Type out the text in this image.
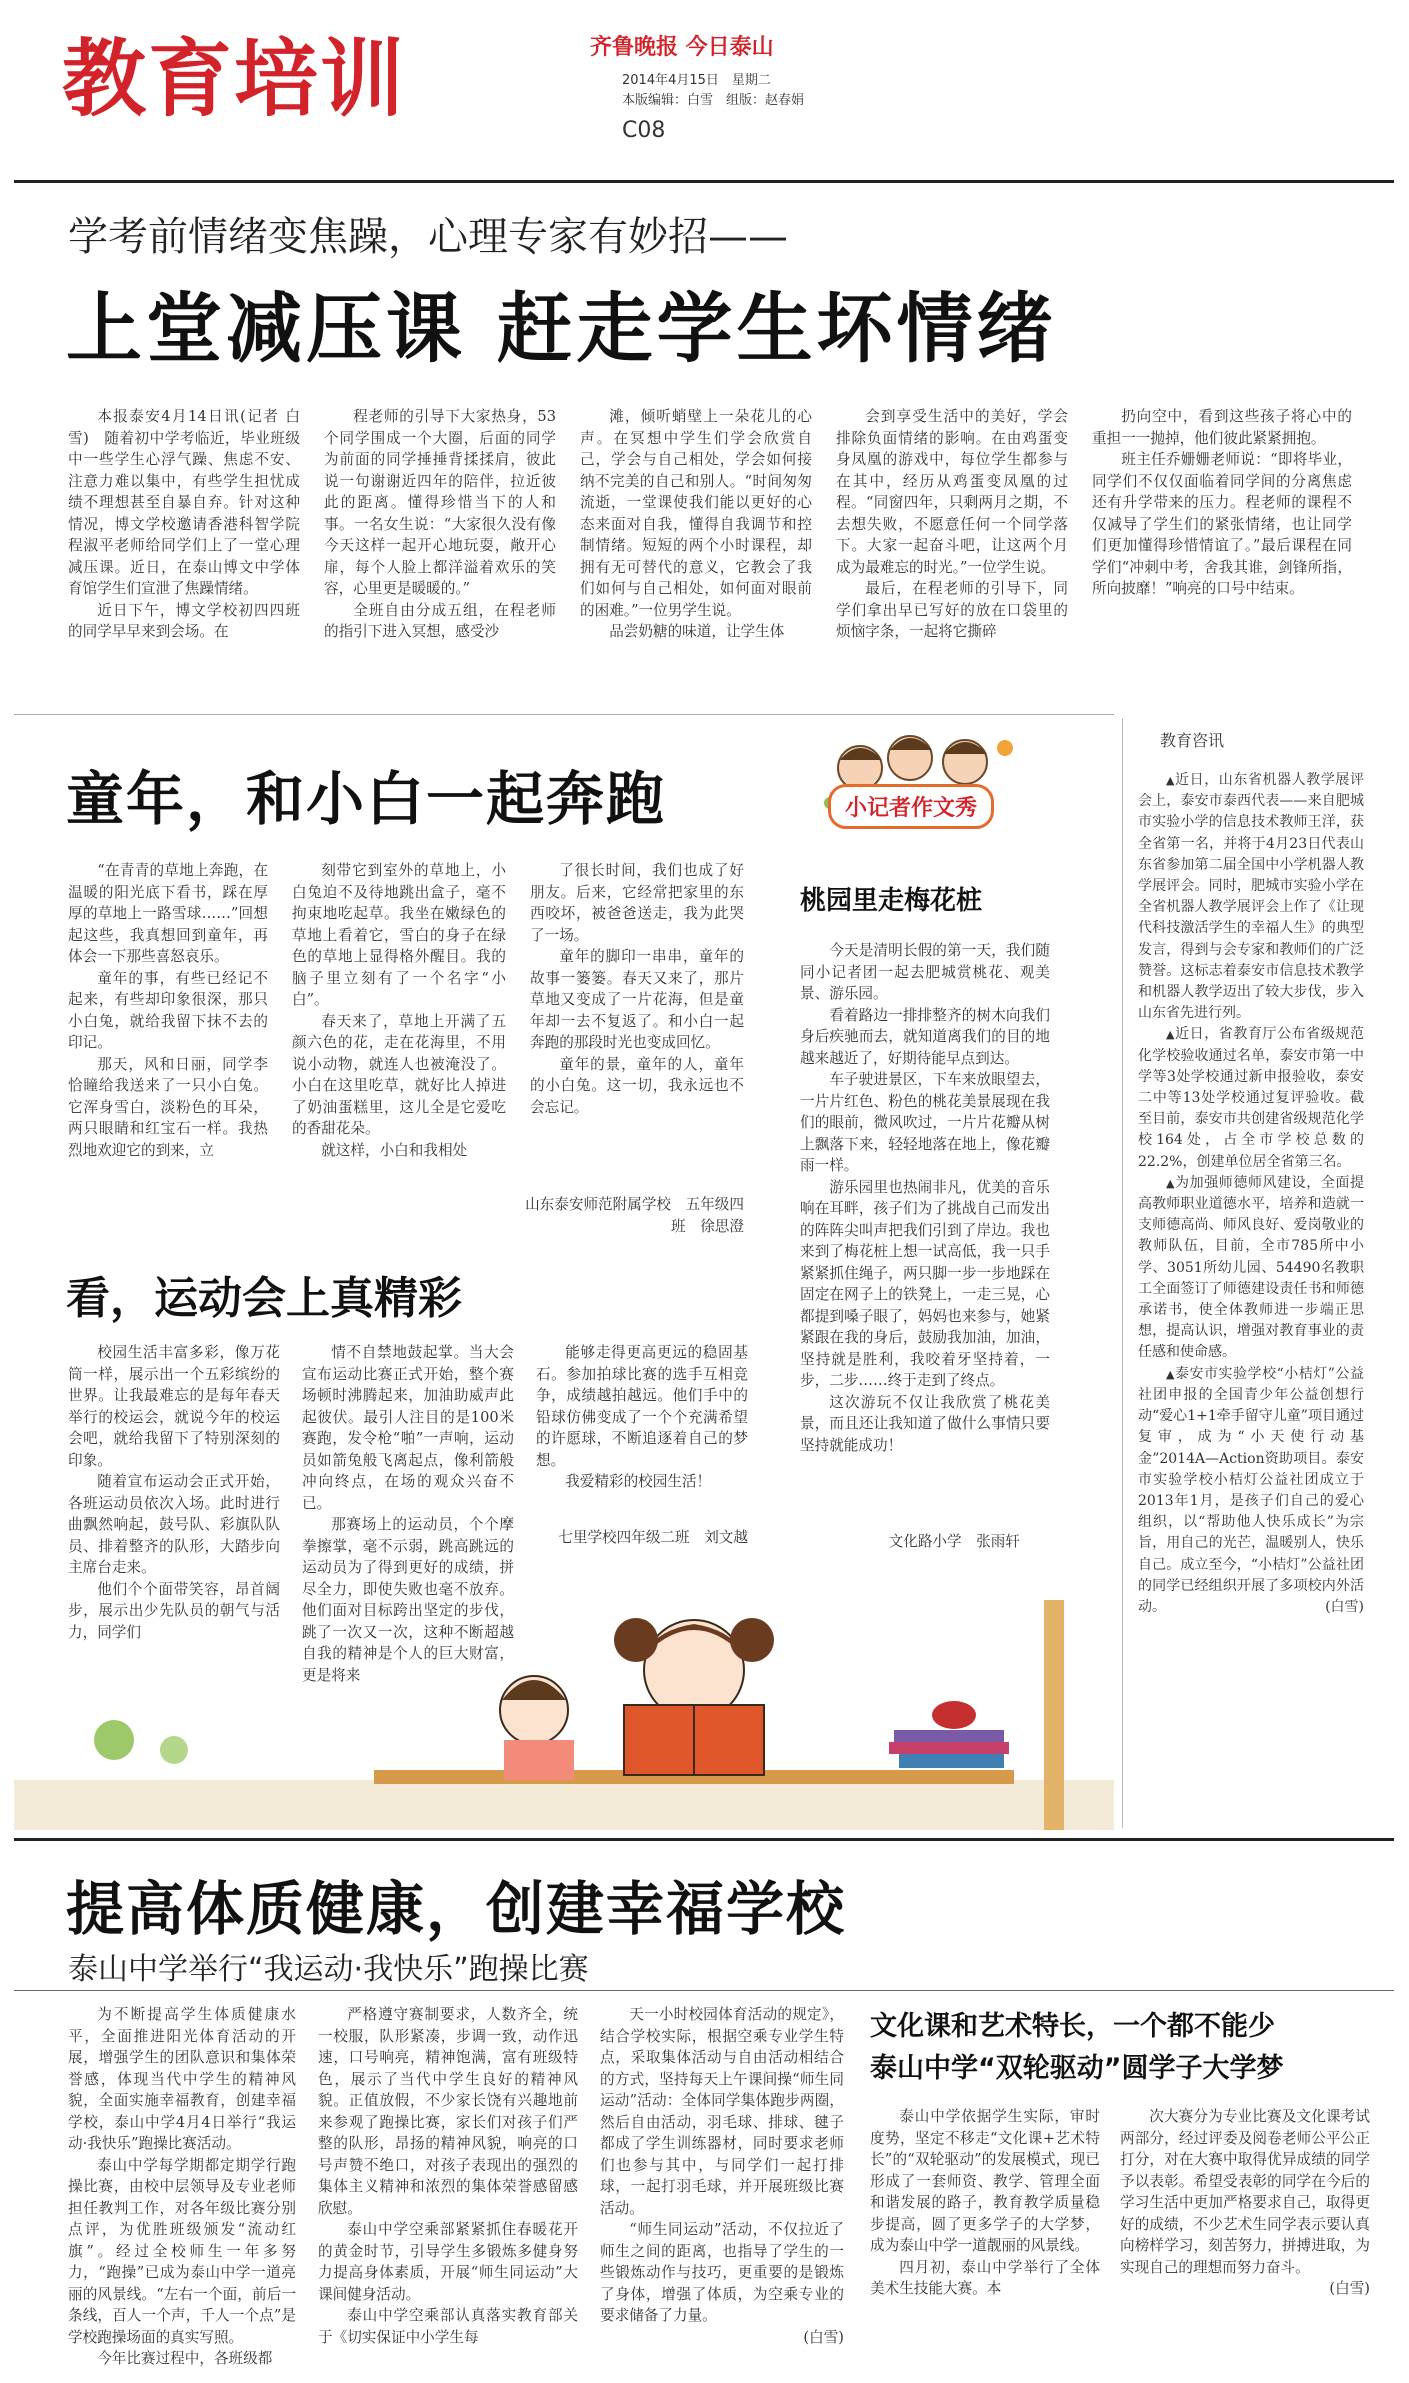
教育培训	齐鲁晚报 今日泰山
2014年4月15日　星期二
本版编辑：白雪　组版：赵春娟
C08
学考前情绪变焦躁，心理专家有妙招——
上堂减压课 赶走学生坏情绪

本报泰安4月14日讯(记者 白雪)　随着初中学考临近，毕业班级中一些学生心浮气躁、焦虑不安、注意力难以集中，有些学生担忧成绩不理想甚至自暴自弃。针对这种情况，博文学校邀请香港科智学院程淑平老师给同学们上了一堂心理减压课。近日，在泰山博文中学体育馆学生们宣泄了焦躁情绪。

近日下午，博文学校初四四班的同学早早来到会场。在

程老师的引导下大家热身，53个同学围成一个大圈，后面的同学为前面的同学捶捶背揉揉肩，彼此说一句谢谢近四年的陪伴，拉近彼此的距离。懂得珍惜当下的人和事。一名女生说：“大家很久没有像今天这样一起开心地玩耍，敞开心扉，每个人脸上都洋溢着欢乐的笑容，心里更是暖暖的。”

全班自由分成五组，在程老师的指引下进入冥想，感受沙

滩，倾听蛸壁上一朵花儿的心声。在冥想中学生们学会欣赏自己，学会与自己相处，学会如何接纳不完美的自己和别人。“时间匆匆流逝，一堂课使我们能以更好的心态来面对自我，懂得自我调节和控制情绪。短短的两个小时课程，却拥有无可替代的意义，它教会了我们如何与自己相处，如何面对眼前的困难。”一位男学生说。

品尝奶糖的味道，让学生体

会到享受生活中的美好，学会排除负面情绪的影响。在由鸡蛋变身凤凰的游戏中，每位学生都参与在其中，经历从鸡蛋变凤凰的过程。“同窗四年，只剩两月之期，不去想失败，不愿意任何一个同学落下。大家一起奋斗吧，让这两个月成为最难忘的时光。”一位学生说。

最后，在程老师的引导下，同学们拿出早已写好的放在口袋里的烦恼字条，一起将它撕碎

扔向空中，看到这些孩子将心中的重担一一抛掉，他们彼此紧紧拥抱。

班主任乔姗姗老师说：“即将毕业，同学们不仅仅面临着同学间的分离焦虑还有升学带来的压力。程老师的课程不仅减导了学生们的紧张情绪，也让同学们更加懂得珍惜情谊了。”最后课程在同学们“冲刺中考，舍我其谁，剑锋所指，所向披靡！”响亮的口号中结束。

教育咨讯

▲近日，山东省机器人教学展评会上，泰安市泰西代表——来自肥城市实验小学的信息技术教师王洋，获全省第一名，并将于4月23日代表山东省参加第二届全国中小学机器人教学展评会。同时，肥城市实验小学在全省机器人教学展评会上作了《让现代科技激活学生的幸福人生》的典型发言，得到与会专家和教师们的广泛赞誉。这标志着泰安市信息技术教学和机器人教学迈出了较大步伐，步入山东省先进行列。

▲近日，省教育厅公布省级规范化学校验收通过名单，泰安市第一中学等3处学校通过新申报验收，泰安二中等13处学校通过复评验收。截至目前，泰安市共创建省级规范化学校164处，占全市学校总数的22.2%，创建单位居全省第三名。

▲为加强师德师风建设，全面提高教师职业道德水平，培养和造就一支师德高尚、师风良好、爱岗敬业的教师队伍，目前，全市785所中小学、3051所幼儿园、54490名教职工全面签订了师德建设责任书和师德承诺书，使全体教师进一步端正思想，提高认识，增强对教育事业的责任感和使命感。

▲泰安市实验学校“小桔灯”公益社团申报的全国青少年公益创想行动“爱心1+1牵手留守儿童”项目通过复审，成为“小天使行动基金”2014A—Action资助项目。泰安市实验学校小桔灯公益社团成立于2013年1月，是孩子们自己的爱心组织，以“帮助他人快乐成长”为宗旨，用自己的光芒，温暖别人，快乐自己。成立至今，“小桔灯”公益社团的同学已经组织开展了多项校内外活动。	(白雪)

童年，和小白一起奔跑	小记者作文秀

“在青青的草地上奔跑，在温暖的阳光底下看书，踩在厚厚的草地上一路雪球……”回想起这些，我真想回到童年，再体会一下那些喜怒哀乐。

童年的事，有些已经记不起来，有些却印象很深，那只小白兔，就给我留下抹不去的印记。

那天，风和日丽，同学李恰瞳给我送来了一只小白兔。它浑身雪白，淡粉色的耳朵，两只眼睛和红宝石一样。我热烈地欢迎它的到来，立

刻带它到室外的草地上，小白兔迫不及待地跳出盒子，毫不拘束地吃起草。我坐在嫩绿色的草地上看着它，雪白的身子在绿色的草地上显得格外醒目。我的脑子里立刻有了一个名字“小白”。

春天来了，草地上开满了五颜六色的花，走在花海里，不用说小动物，就连人也被淹没了。小白在这里吃草，就好比人掉进了奶油蛋糕里，这儿全是它爱吃的香甜花朵。

就这样，小白和我相处

了很长时间，我们也成了好朋友。后来，它经常把家里的东西咬坏，被爸爸送走，我为此哭了一场。

童年的脚印一串串，童年的故事一篓篓。春天又来了，那片草地又变成了一片花海，但是童年却一去不复返了。和小白一起奔跑的那段时光也变成回忆。

童年的景，童年的人，童年的小白兔。这一切，我永远也不会忘记。

山东泰安师范附属学校　五年级四班　徐思澄
桃园里走梅花桩

今天是清明长假的第一天，我们随同小记者团一起去肥城赏桃花、观美景、游乐园。

看着路边一排排整齐的树木向我们身后疾驰而去，就知道离我们的目的地越来越近了，好期待能早点到达。

车子驶进景区，下车来放眼望去，一片片红色、粉色的桃花美景展现在我们的眼前，微风吹过，一片片花瓣从树上飘落下来，轻轻地落在地上，像花瓣雨一样。

游乐园里也热闹非凡，优美的音乐响在耳畔，孩子们为了挑战自己而发出的阵阵尖叫声把我们引到了岸边。我也来到了梅花桩上想一试高低，我一只手紧紧抓住绳子，两只脚一步一步地踩在固定在网子上的铁凳上，一走三晃，心都提到嗓子眼了，妈妈也来参与，她紧紧跟在我的身后，鼓励我加油，加油，坚持就是胜利，我咬着牙坚持着，一步，二步……终于走到了终点。

这次游玩不仅让我欣赏了桃花美景，而且还让我知道了做什么事情只要坚持就能成功！

文化路小学　张雨轩
看，运动会上真精彩

校园生活丰富多彩，像万花筒一样，展示出一个五彩缤纷的世界。让我最难忘的是每年春天举行的校运会，就说今年的校运会吧，就给我留下了特别深刻的印象。

随着宣布运动会正式开始，各班运动员依次入场。此时进行曲飘然响起，鼓号队、彩旗队队员、排着整齐的队形，大踏步向主席台走来。

他们个个面带笑容，昂首阔步，展示出少先队员的朝气与活力，同学们

情不自禁地鼓起掌。当大会宣布运动比赛正式开始，整个赛场顿时沸腾起来，加油助威声此起彼伏。最引人注目的是100米赛跑，发令枪“啪”一声响，运动员如箭兔般飞离起点，像利箭般冲向终点，在场的观众兴奋不已。

那赛场上的运动员，个个摩拳擦掌，毫不示弱，跳高跳远的运动员为了得到更好的成绩，拼尽全力，即使失败也毫不放弃。他们面对目标跨出坚定的步伐，跳了一次又一次，这种不断超越自我的精神是个人的巨大财富，更是将来

能够走得更高更远的稳固基石。参加拍球比赛的选手互相竞争，成绩越拍越远。他们手中的铅球仿佛变成了一个个充满希望的许愿球，不断追逐着自己的梦想。

我爱精彩的校园生活！

七里学校四年级二班　刘文越
提高体质健康，创建幸福学校
泰山中学举行“我运动·我快乐”跑操比赛

为不断提高学生体质健康水平，全面推进阳光体育活动的开展，增强学生的团队意识和集体荣誉感，体现当代中学生的精神风貌，全面实施幸福教育，创建幸福学校，泰山中学4月4日举行“我运动·我快乐”跑操比赛活动。

泰山中学每学期都定期学行跑操比赛，由校中层领导及专业老师担任教判工作，对各年级比赛分别点评，为优胜班级颁发“流动红旗”。经过全校师生一年多努力，“跑操”已成为泰山中学一道亮丽的风景线。“左右一个面，前后一条线，百人一个声，千人一个点”是学校跑操场面的真实写照。

今年比赛过程中，各班级都

严格遵守赛制要求，人数齐全，统一校服，队形紧凑，步调一致，动作迅速，口号响亮，精神饱满，富有班级特色，展示了当代中学生良好的精神风貌。正值放假，不少家长饶有兴趣地前来参观了跑操比赛，家长们对孩子们严整的队形，昂扬的精神风貌，响亮的口号声赞不绝口，对孩子表现出的强烈的集体主义精神和浓烈的集体荣誉感留感欣慰。

泰山中学空乘部紧紧抓住春暖花开的黄金时节，引导学生多锻炼多健身努力提高身体素质，开展“师生同运动”大课间健身活动。

泰山中学空乘部认真落实教育部关于《切实保证中小学生每

天一小时校园体育活动的规定》，结合学校实际，根据空乘专业学生特点，采取集体活动与自由活动相结合的方式，坚持每天上午课间操“师生同运动”活动：全体同学集体跑步两圈，然后自由活动，羽毛球、排球、毽子都成了学生训练器材，同时要求老师们也参与其中，与同学们一起打排球，一起打羽毛球，并开展班级比赛活动。

“师生同运动”活动，不仅拉近了师生之间的距离，也指导了学生的一些锻炼动作与技巧，更重要的是锻炼了身体，增强了体质，为空乘专业的要求储备了力量。

(白雪)
文化课和艺术特长，一个都不能少
泰山中学“双轮驱动”圆学子大学梦

泰山中学依据学生实际，审时度势，坚定不移走“文化课+艺术特长”的“双轮驱动”的发展模式，现已形成了一套师资、教学、管理全面和谐发展的路子，教育教学质量稳步提高，圆了更多学子的大学梦，成为泰山中学一道靓丽的风景线。

四月初，泰山中学举行了全体美术生技能大赛。本

次大赛分为专业比赛及文化课考试两部分，经过评委及阅卷老师公平公正打分，对在大赛中取得优异成绩的同学予以表彰。希望受表彰的同学在今后的学习生活中更加严格要求自己，取得更好的成绩，不少艺术生同学表示要认真向榜样学习，刻苦努力，拼搏进取，为实现自己的理想而努力奋斗。

(白雪)
